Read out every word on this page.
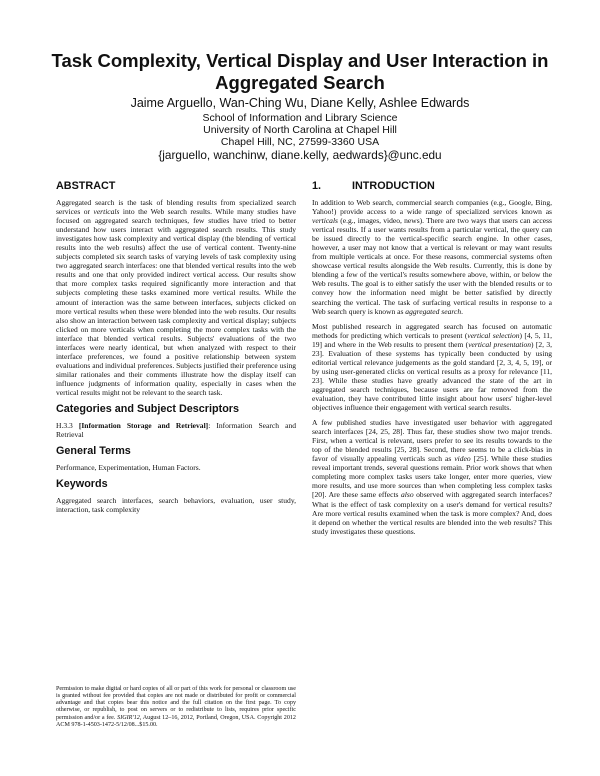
Task Complexity, Vertical Display and User Interaction in
Aggregated Search

Jaime Arguello, Wan-Ching Wu, Diane Kelly, Ashlee Edwards

School of Information and Library Science

University of North Carolina at Chapel Hill

Chapel Hill, NC, 27599-3360 USA

{jarguello, wanchinw, diane.kelly, aedwards}@unc.edu

ABSTRACT

Aggregated search is the task of blending results from specialized search services or verticals into the Web search results. While many studies have focused on aggregated search techniques, few studies have tried to better understand how users interact with aggregated search results. This study investigates how task complexity and vertical display (the blending of vertical results into the web results) affect the use of vertical content. Twenty-nine subjects completed six search tasks of varying levels of task complexity using two aggregated search interfaces: one that blended vertical results into the web results and one that only provided indirect vertical access. Our results show that more complex tasks required significantly more interaction and that subjects completing these tasks examined more vertical results. While the amount of interaction was the same between interfaces, subjects clicked on more vertical results when these were blended into the web results. Our results also show an interaction between task complexity and vertical display; subjects clicked on more verticals when completing the more complex tasks with the interface that blended vertical results. Subjects' evaluations of the two interfaces were nearly identical, but when analyzed with respect to their interface preferences, we found a positive relationship between system evaluations and individual preferences. Subjects justified their preference using similar rationales and their comments illustrate how the display itself can influence judgments of information quality, especially in cases when the vertical results might not be relevant to the search task.

Categories and Subject Descriptors

H.3.3 [Information Storage and Retrieval]: Information Search and Retrieval

General Terms

Performance, Experimentation, Human Factors.

Keywords

Aggregated search interfaces, search behaviors, evaluation, user study, interaction, task complexity

Permission to make digital or hard copies of all or part of this work for personal or classroom use is granted without fee provided that copies are not made or distributed for profit or commercial advantage and that copies bear this notice and the full citation on the first page. To copy otherwise, or republish, to post on servers or to redistribute to lists, requires prior specific permission and/or a fee. SIGIR'12, August 12–16, 2012, Portland, Oregon, USA. Copyright 2012 ACM 978-1-4503-1472-5/12/08...$15.00.

1.	INTRODUCTION

In addition to Web search, commercial search companies (e.g., Google, Bing, Yahoo!) provide access to a wide range of specialized services known as verticals (e.g., images, video, news). There are two ways that users can access vertical results. If a user wants results from a particular vertical, the query can be issued directly to the vertical-specific search engine. In other cases, however, a user may not know that a vertical is relevant or may want results from multiple verticals at once. For these reasons, commercial systems often showcase vertical results alongside the Web results. Currently, this is done by blending a few of the vertical's results somewhere above, within, or below the Web results. The goal is to either satisfy the user with the blended results or to convey how the information need might be better satisfied by directly searching the vertical. The task of surfacing vertical results in response to a Web search query is known as aggregated search.

Most published research in aggregated search has focused on automatic methods for predicting which verticals to present (vertical selection) [4, 5, 11, 19] and where in the Web results to present them (vertical presentation) [2, 3, 23]. Evaluation of these systems has typically been conducted by using editorial vertical relevance judgements as the gold standard [2, 3, 4, 5, 19], or by using user-generated clicks on vertical results as a proxy for relevance [11, 23]. While these studies have greatly advanced the state of the art in aggregated search techniques, because users are far removed from the evaluation, they have contributed little insight about how users' higher-level objectives influence their engagement with vertical search results.

A few published studies have investigated user behavior with aggregated search interfaces [24, 25, 28]. Thus far, these studies show two major trends. First, when a vertical is relevant, users prefer to see its results towards to the top of the blended results [25, 28]. Second, there seems to be a click-bias in favor of visually appealing verticals such as video [25]. While these studies reveal important trends, several questions remain. Prior work shows that when completing more complex tasks users take longer, enter more queries, view more results, and use more sources than when completing less complex tasks [20]. Are these same effects also observed with aggregated search interfaces? What is the effect of task complexity on a user's demand for vertical results? Are more vertical results examined when the task is more complex? And, does it depend on whether the vertical results are blended into the web results? This study investigates these questions.
